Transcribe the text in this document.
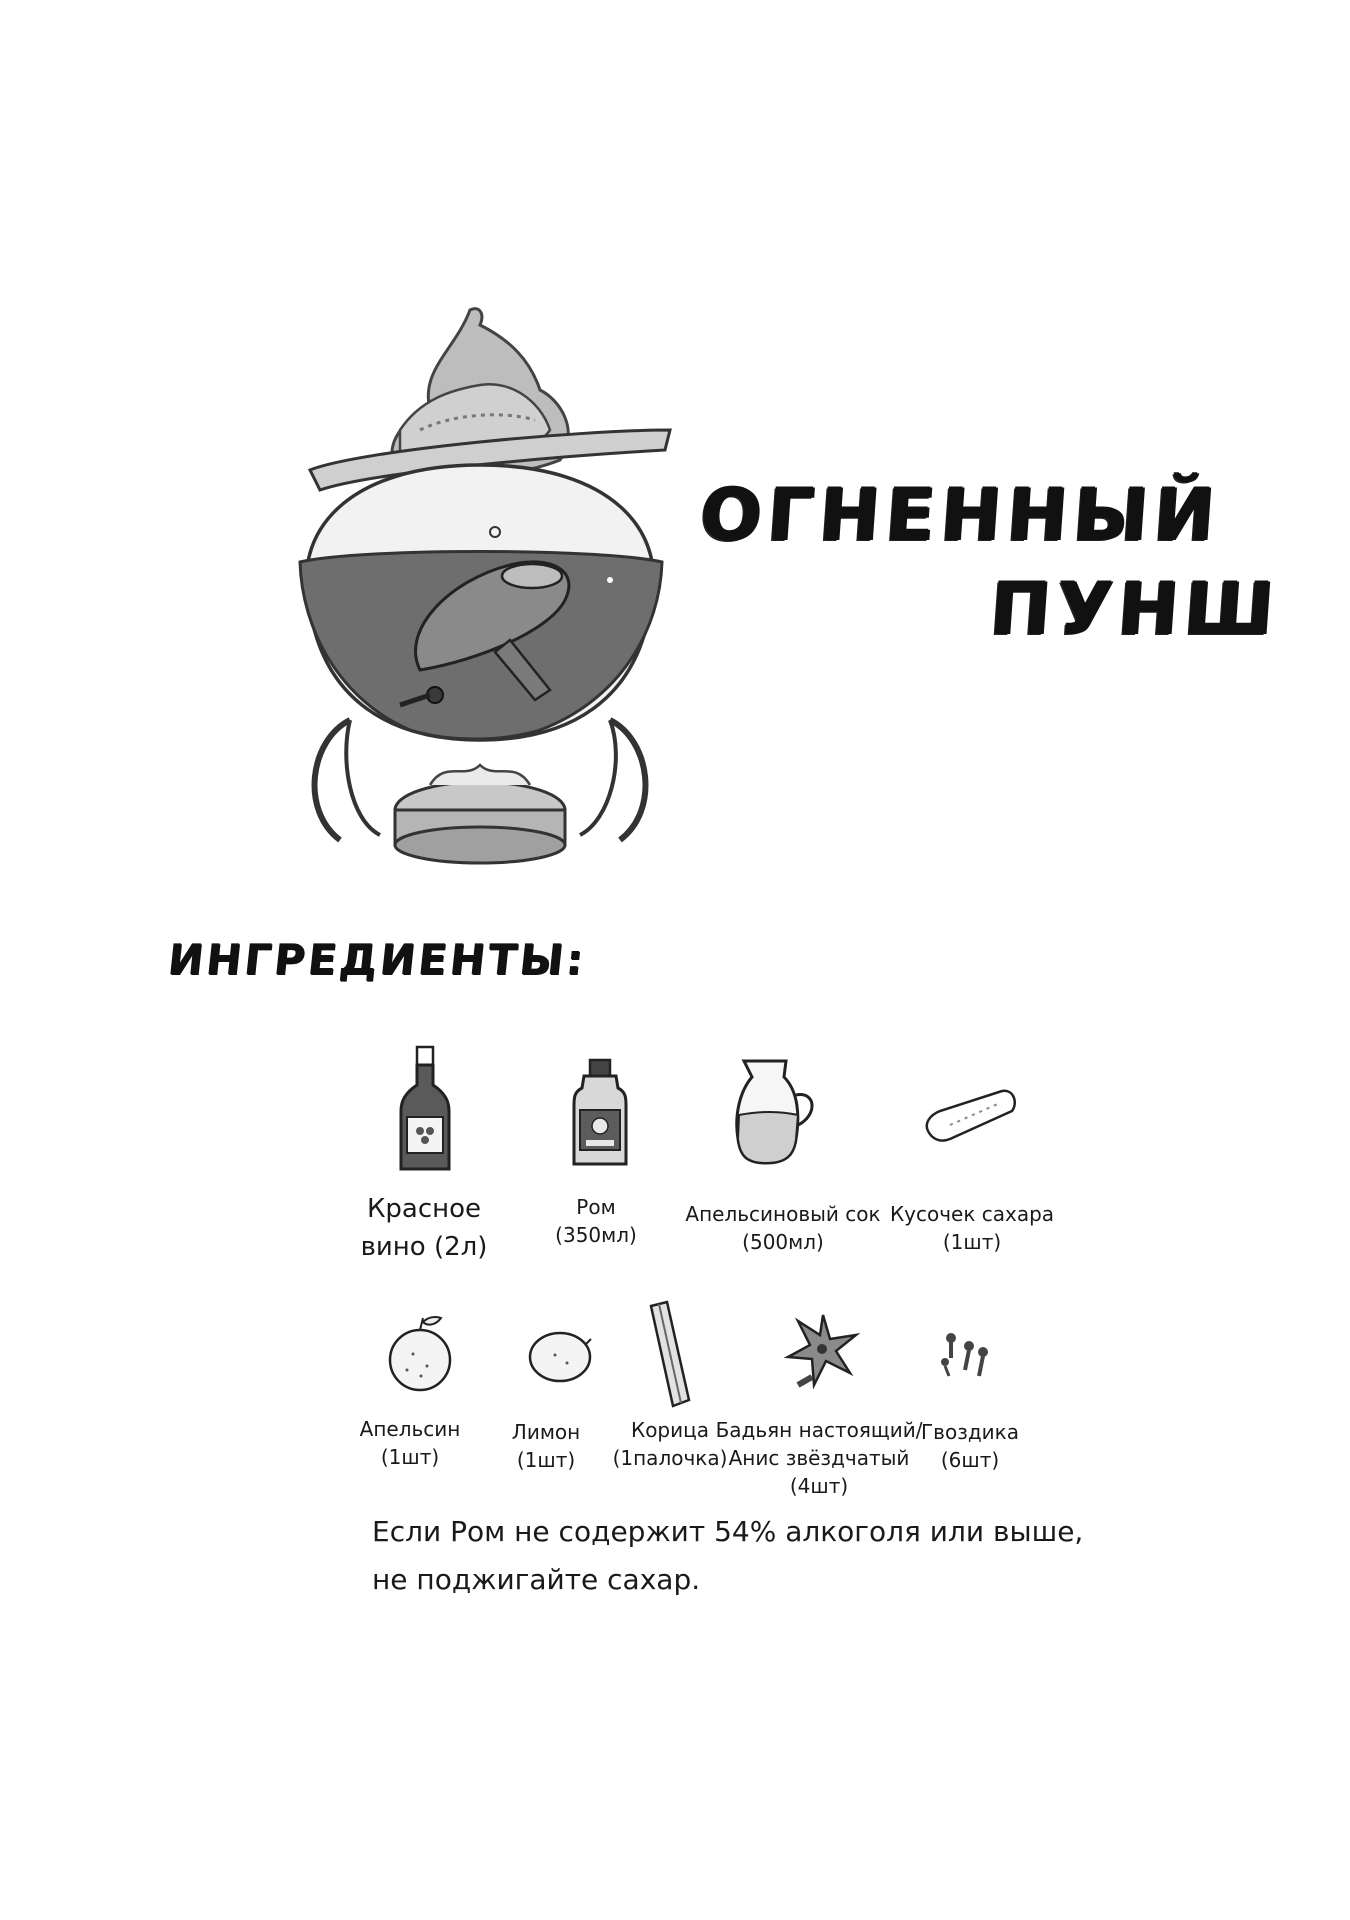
ОГНЕННЫЙ
ПУНШ
ИНГРЕДИЕНТЫ:
Красное
вино (2л)
Ром
(350мл)
Апельсиновый сок
(500мл)
Кусочек сахара
(1шт)
Апельсин
(1шт)
Лимон
(1шт)
Корица
(1палочка)
Бадьян настоящий/
Анис звёздчатый
(4шт)
Гвоздика
(6шт)
Если Ром не содержит 54% алкоголя или выше,
не поджигайте сахар.
